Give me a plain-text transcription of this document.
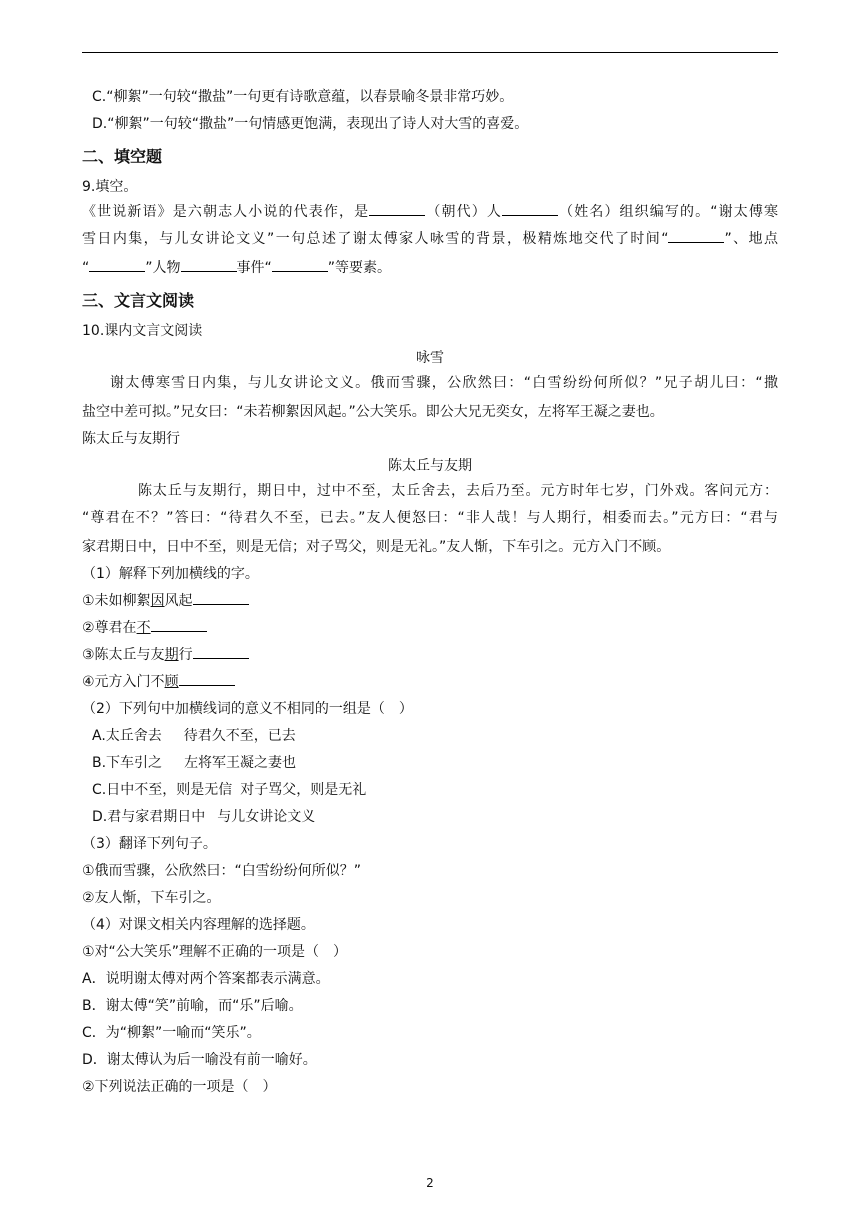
C.“柳絮”一句较“撒盐”一句更有诗歌意蕴，以春景喻冬景非常巧妙。
D.“柳絮”一句较“撒盐”一句情感更饱满，表现出了诗人对大雪的喜爱。
二、填空题
9.填空。
《世说新语》是六朝志人小说的代表作，是	（朝代）人	（姓名）组织编写的。“谢太傅寒
雪日内集，与儿女讲论文义”一句总述了谢太傅家人咏雪的背景，极精炼地交代了时间“	”、地点
“	”人物	事件“	”等要素。
三、文言文阅读
10.课内文言文阅读
咏雪
谢太傅寒雪日内集，与儿女讲论文义。俄而雪骤，公欣然曰：“白雪纷纷何所似？”兄子胡儿曰：“撒
盐空中差可拟。”兄女曰：“未若柳絮因风起。”公大笑乐。即公大兄无奕女，左将军王凝之妻也。
陈太丘与友期行
陈太丘与友期
陈太丘与友期行，期日中，过中不至，太丘舍去，去后乃至。元方时年七岁，门外戏。客问元方：
“尊君在不？”答曰：“待君久不至，已去。”友人便怒曰：“非人哉！与人期行，相委而去。”元方曰：“君与
家君期日中，日中不至，则是无信；对子骂父，则是无礼。”友人惭，下车引之。元方入门不顾。
（1）解释下列加横线的字。
①未如柳絮因风起
②尊君在不
③陈太丘与友期行
④元方入门不顾
（2）下列句中加横线词的意义不相同的一组是（　）
A.太丘舍去 待君久不至，已去
B.下车引之 左将军王凝之妻也
C.日中不至，则是无信 对子骂父，则是无礼
D.君与家君期日中 与儿女讲论文义
（3）翻译下列句子。
①俄而雪骤，公欣然曰：“白雪纷纷何所似？”
②友人惭，下车引之。
（4）对课文相关内容理解的选择题。
①对“公大笑乐”理解不正确的一项是（　）
A．说明谢太傅对两个答案都表示满意。
B．谢太傅“笑”前喻，而“乐”后喻。
C．为“柳絮”一喻而“笑乐”。
D．谢太傅认为后一喻没有前一喻好。
②下列说法正确的一项是（　）
2
